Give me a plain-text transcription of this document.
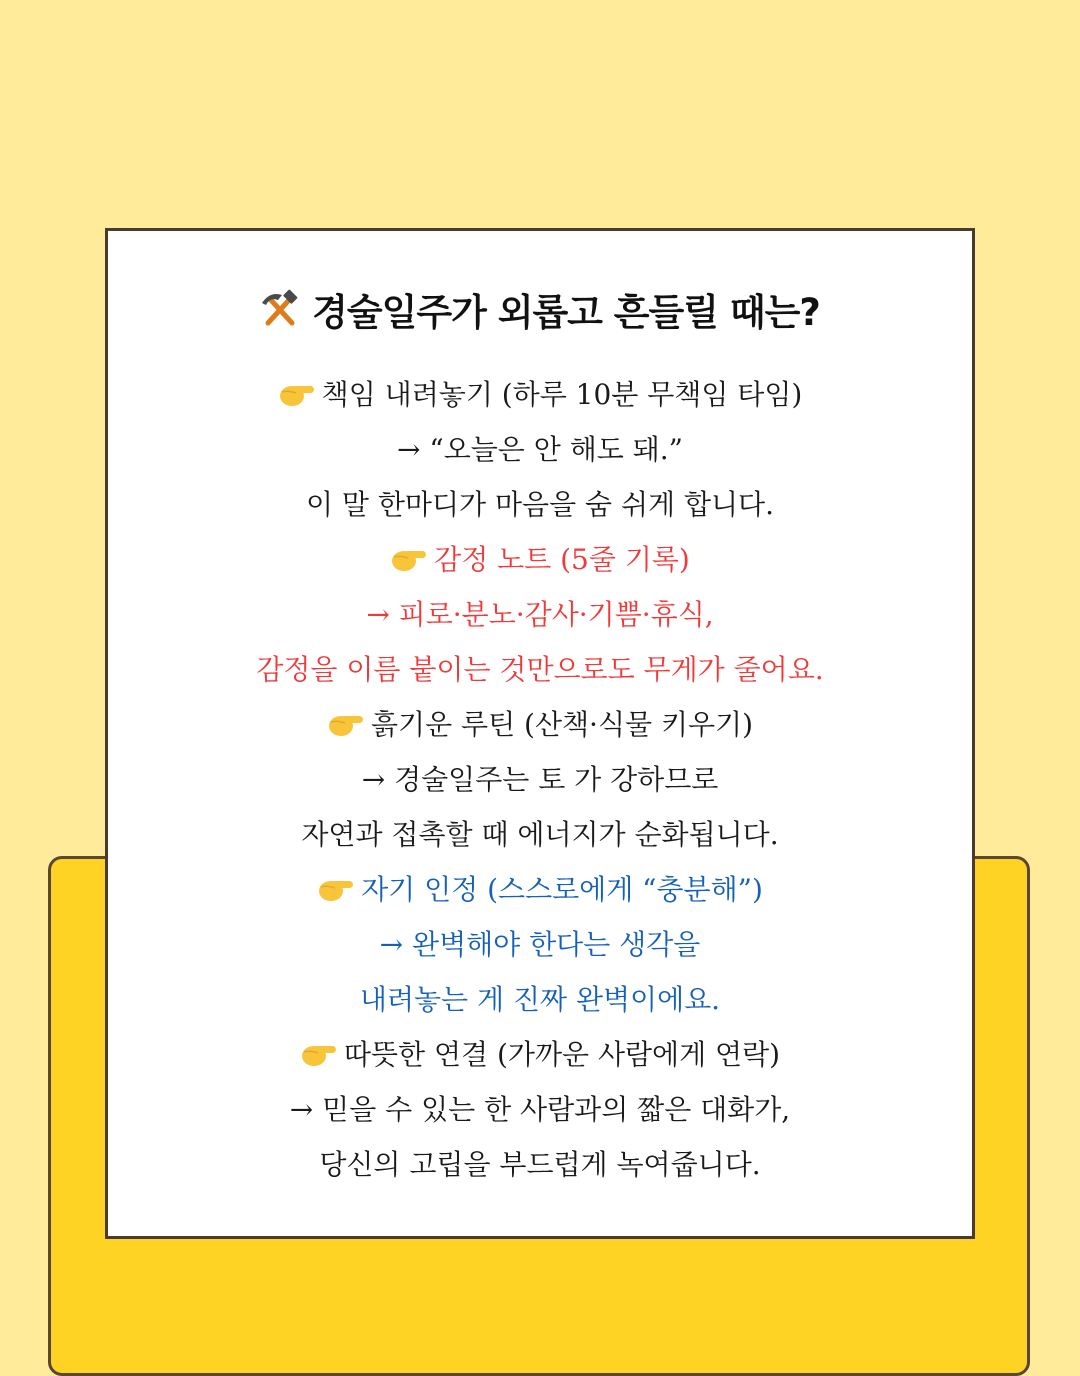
경술일주가 외롭고 흔들릴 때는?
책임 내려놓기 (하루 10분 무책임 타임)
→ “오늘은 안 해도 돼.”
이 말 한마디가 마음을 숨 쉬게 합니다.
감정 노트 (5줄 기록)
→ 피로·분노·감사·기쁨·휴식,
감정을 이름 붙이는 것만으로도 무게가 줄어요.
흙기운 루틴 (산책·식물 키우기)
→ 경술일주는 토 가 강하므로
자연과 접촉할 때 에너지가 순화됩니다.
자기 인정 (스스로에게 “충분해”)
→ 완벽해야 한다는 생각을
내려놓는 게 진짜 완벽이에요.
따뜻한 연결 (가까운 사람에게 연락)
→ 믿을 수 있는 한 사람과의 짧은 대화가,
당신의 고립을 부드럽게 녹여줍니다.
